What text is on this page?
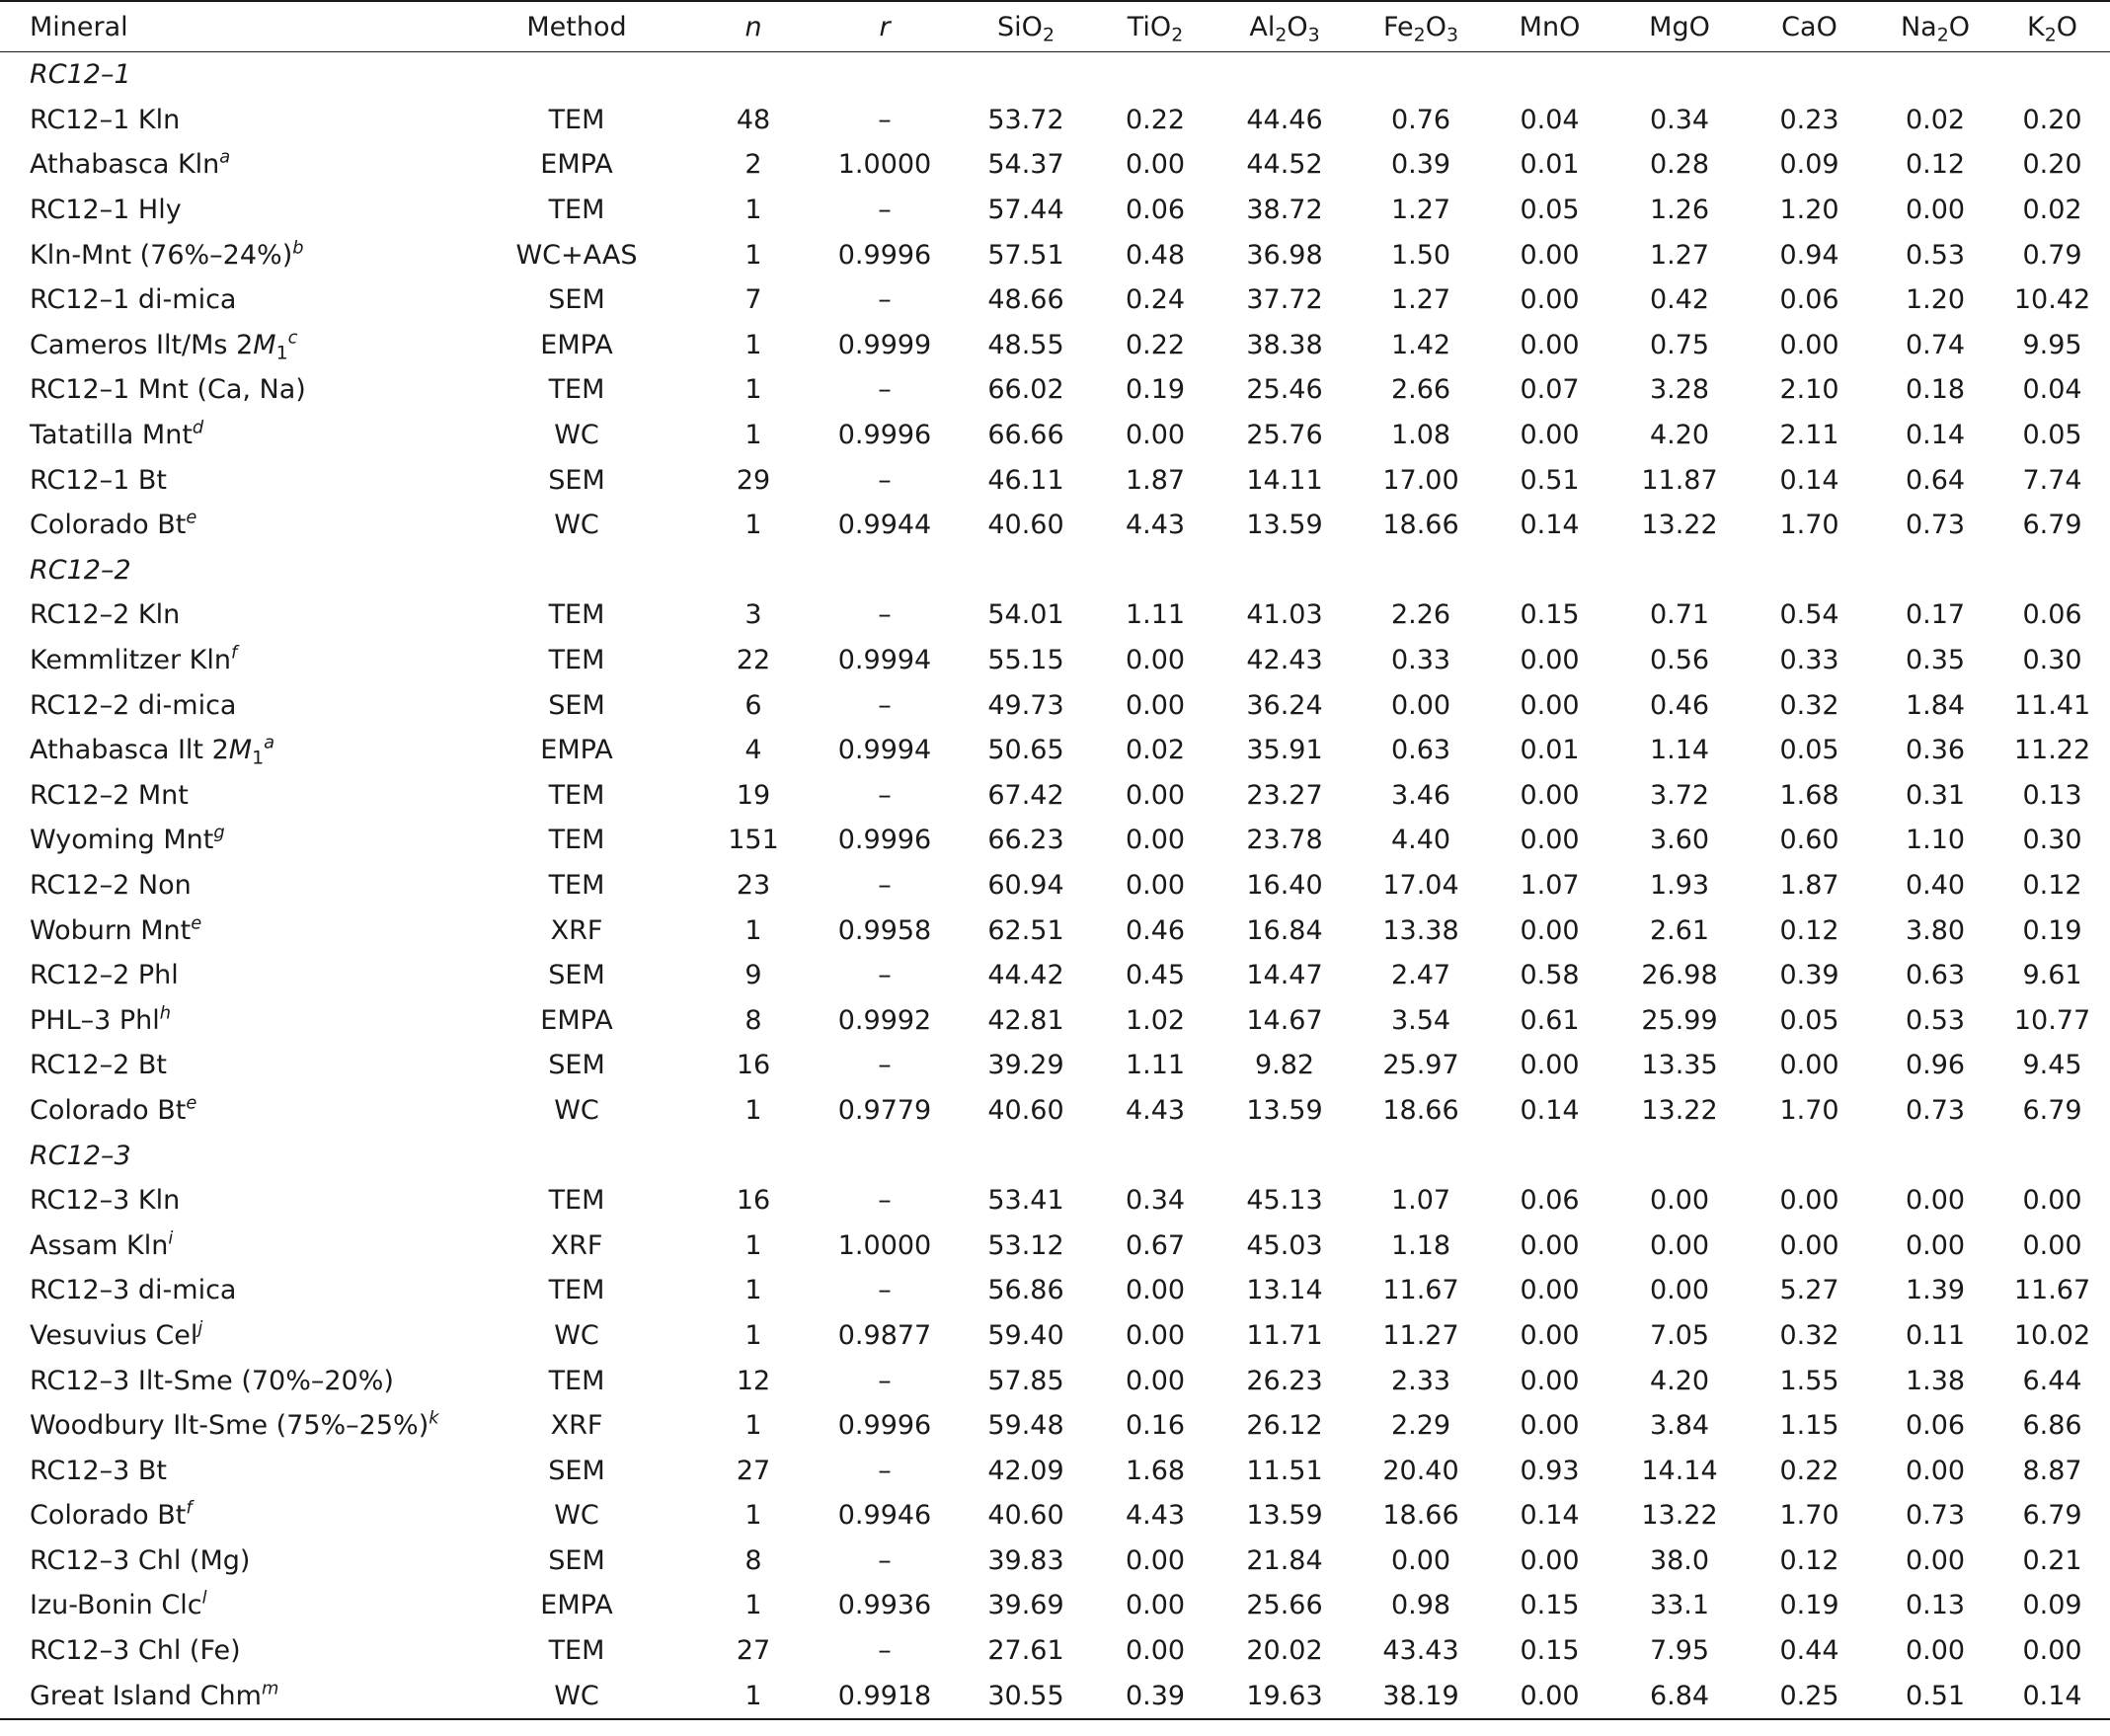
Mineral	Method	n	r	SiO$_2$	TiO$_2$	$Al_2O_3$	$Fe_2O_3$	MnO	MgO	CaO	$Na_2O$	$K_2O$
RC12–1												
RC12–1 Kln	TEM	48	–	53.72	0.22	44.46	0.76	0.04	0.34	0.23	0.02	0.20
Athabasca Kln$^a$	EMPA	2	1.0000	54.37	0.00	44.52	0.39	0.01	0.28	0.09	0.12	0.20
RC12–1 Hly	TEM	1	–	57.44	0.06	38.72	1.27	0.05	1.26	1.20	0.00	0.02
Kln-Mnt $(76\%-24\%)^b$	WC+AAS	1	0.9996	57.51	0.48	36.98	1.50	0.00	1.27	0.94	0.53	0.79
RC12–1 di-mica	SEM	7	–	48.66	0.24	37.72	1.27	0.00	0.42	0.06	1.20	10.42
Cameros Ilt/Ms $2M_1^c$	EMPA	1	0.9999	48.55	0.22	38.38	1.42	0.00	0.75	0.00	0.74	9.95
RC12–1 Mnt (Ca, Na)	TEM	1	–	66.02	0.19	25.46	2.66	0.07	3.28	2.10	0.18	0.04
Tatatilla Mnt$^d$	WC	1	0.9996	66.66	0.00	25.76	1.08	0.00	4.20	2.11	0.14	0.05
RC12–1 Bt	SEM	29	–	46.11	1.87	14.11	17.00	0.51	11.87	0.14	0.64	7.74
Colorado Bt$^e$	WC	1	0.9944	40.60	4.43	13.59	18.66	0.14	13.22	1.70	0.73	6.79
RC12–2												
RC12–2 Kln	TEM	3	–	54.01	1.11	41.03	2.26	0.15	0.71	0.54	0.17	0.06
Kemmlitzer Kln$^f$	TEM	22	0.9994	55.15	0.00	42.43	0.33	0.00	0.56	0.33	0.35	0.30
RC12–2 di-mica	SEM	6	–	49.73	0.00	36.24	0.00	0.00	0.46	0.32	1.84	11.41
Athabasca Ilt $2M_1^a$	EMPA	4	0.9994	50.65	0.02	35.91	0.63	0.01	1.14	0.05	0.36	11.22
RC12–2 Mnt	TEM	19	–	67.42	0.00	23.27	3.46	0.00	3.72	1.68	0.31	0.13
Wyoming Mnt$^g$	TEM	151	0.9996	66.23	0.00	23.78	4.40	0.00	3.60	0.60	1.10	0.30
RC12–2 Non	TEM	23	–	60.94	0.00	16.40	17.04	1.07	1.93	1.87	0.40	0.12
Woburn Mnt$^e$	XRF	1	0.9958	62.51	0.46	16.84	13.38	0.00	2.61	0.12	3.80	0.19
RC12–2 Phl	SEM	9	–	44.42	0.45	14.47	2.47	0.58	26.98	0.39	0.63	9.61
PHL–3 Phl$^h$	EMPA	8	0.9992	42.81	1.02	14.67	3.54	0.61	25.99	0.05	0.53	10.77
RC12–2 Bt	SEM	16	–	39.29	1.11	9.82	25.97	0.00	13.35	0.00	0.96	9.45
Colorado Bt$^e$	WC	1	0.9779	40.60	4.43	13.59	18.66	0.14	13.22	1.70	0.73	6.79
RC12–3												
RC12–3 Kln	TEM	16	–	53.41	0.34	45.13	1.07	0.06	0.00	0.00	0.00	0.00
Assam Kln$^i$	XRF	1	1.0000	53.12	0.67	45.03	1.18	0.00	0.00	0.00	0.00	0.00
RC12–3 di-mica	TEM	1	–	56.86	0.00	13.14	11.67	0.00	0.00	5.27	1.39	11.67
Vesuvius Cel$^j$	WC	1	0.9877	59.40	0.00	11.71	11.27	0.00	7.05	0.32	0.11	10.02
RC12–3 Ilt-Sme (70%–20%)	TEM	12	–	57.85	0.00	26.23	2.33	0.00	4.20	1.55	1.38	6.44
Woodbury Ilt-Sme $(75\%-25\%)^k$	XRF	1	0.9996	59.48	0.16	26.12	2.29	0.00	3.84	1.15	0.06	6.86
RC12–3 Bt	SEM	27	–	42.09	1.68	11.51	20.40	0.93	14.14	0.22	0.00	8.87
Colorado Bt$^f$	WC	1	0.9946	40.60	4.43	13.59	18.66	0.14	13.22	1.70	0.73	6.79
RC12–3 Chl (Mg)	SEM	8	–	39.83	0.00	21.84	0.00	0.00	38.0	0.12	0.00	0.21
Izu-Bonin Clc$^l$	EMPA	1	0.9936	39.69	0.00	25.66	0.98	0.15	33.1	0.19	0.13	0.09
RC12–3 Chl (Fe)	TEM	27	–	27.61	0.00	20.02	43.43	0.15	7.95	0.44	0.00	0.00
Great Island Chm$^m$	WC	1	0.9918	30.55	0.39	19.63	38.19	0.00	6.84	0.25	0.51	0.14
